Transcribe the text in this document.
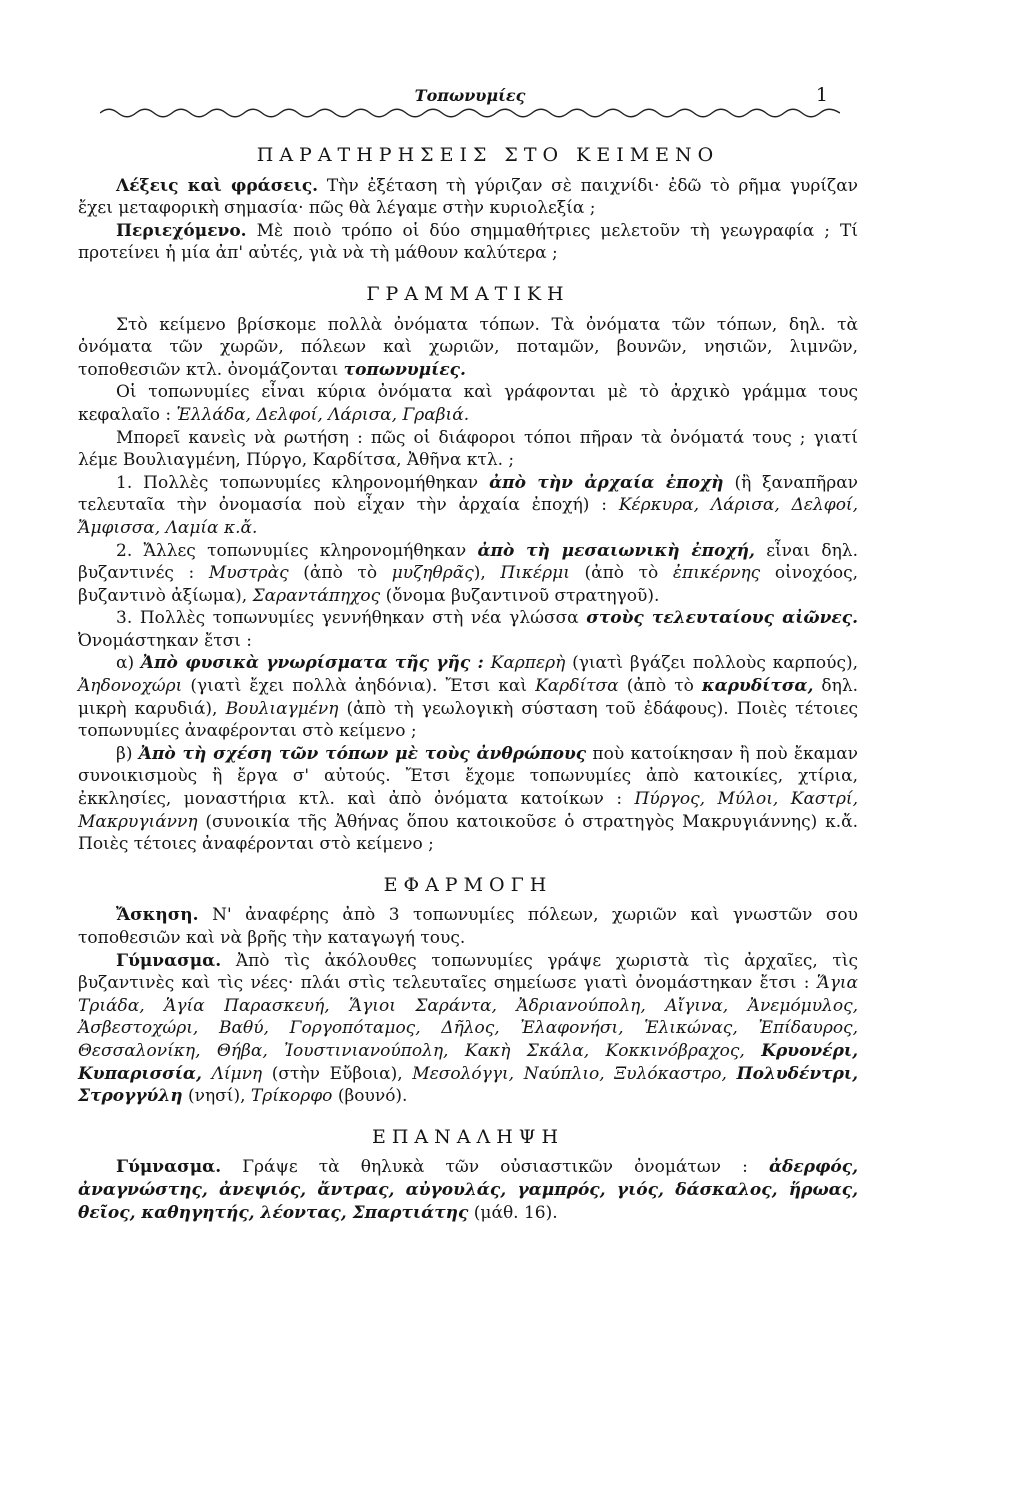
Τοπωνυμίες	1
ΠΑΡΑΤΗΡΗΣΕΙΣ ΣΤΟ ΚΕΙΜΕΝΟ

Λέξεις καὶ φράσεις. Τὴν ἐξέταση τὴ γύριζαν σὲ παιχνίδι· ἐδῶ τὸ ρῆμα γυρίζαν ἔχει μεταφορικὴ σημασία· πῶς θὰ λέγαμε στὴν κυριολεξία ;

Περιεχόμενο. Μὲ ποιὸ τρόπο οἱ δύο σημμαθήτριες μελετοῦν τὴ γεωγραφία ; Τί προτείνει ἡ μία ἀπ' αὐτές, γιὰ νὰ τὴ μάθουν καλύτερα ;

ΓΡΑΜΜΑΤΙΚΗ

Στὸ κείμενο βρίσκομε πολλὰ ὀνόματα τόπων. Τὰ ὀνόματα τῶν τόπων, δηλ. τὰ ὀνόματα τῶν χωρῶν, πόλεων καὶ χωριῶν, ποταμῶν, βουνῶν, νησιῶν, λιμνῶν, τοποθεσιῶν κτλ. ὀνομάζονται τοπωνυμίες.

Οἱ τοπωνυμίες εἶναι κύρια ὀνόματα καὶ γράφονται μὲ τὸ ἀρχικὸ γράμμα τους κεφαλαῖο : Ἑλλάδα, Δελφοί, Λάρισα, Γραβιά.

Μπορεῖ κανεὶς νὰ ρωτήση : πῶς οἱ διάφοροι τόποι πῆραν τὰ ὀνόματά τους ; γιατί λέμε Βουλιαγμένη, Πύργο, Καρδίτσα, Ἀθῆνα κτλ. ;

1. Πολλὲς τοπωνυμίες κληρονομήθηκαν ἀπὸ τὴν ἀρχαία ἐποχὴ (ἢ ξαναπῆραν τελευταῖα τὴν ὀνομασία ποὺ εἶχαν τὴν ἀρχαία ἐποχή) : Κέρκυρα, Λάρισα, Δελφοί, Ἄμφισσα, Λαμία κ.ἄ.

2. Ἄλλες τοπωνυμίες κληρονομήθηκαν ἀπὸ τὴ μεσαιωνικὴ ἐποχή, εἶναι δηλ. βυζαντινές : Μυστρὰς (ἀπὸ τὸ μυζηθρᾶς), Πικέρμι (ἀπὸ τὸ ἐπικέρνης οἰνοχόος, βυζαντινὸ ἀξίωμα), Σαραντάπηχος (ὄνομα βυζαντινοῦ στρατηγοῦ).

3. Πολλὲς τοπωνυμίες γεννήθηκαν στὴ νέα γλώσσα στοὺς τελευταίους αἰῶνες. Ὀνομάστηκαν ἔτσι :

α) Ἀπὸ φυσικὰ γνωρίσματα τῆς γῆς : Καρπερὴ (γιατὶ βγάζει πολλοὺς καρπούς), Ἀηδονοχώρι (γιατὶ ἔχει πολλὰ ἀηδόνια). Ἔτσι καὶ Καρδίτσα (ἀπὸ τὸ καρυδίτσα, δηλ. μικρὴ καρυδιά), Βουλιαγμένη (ἀπὸ τὴ γεωλογικὴ σύσταση τοῦ ἐδάφους). Ποιὲς τέτοιες τοπωνυμίες ἀναφέρονται στὸ κείμενο ;

β) Ἀπὸ τὴ σχέση τῶν τόπων μὲ τοὺς ἀνθρώπους ποὺ κατοίκησαν ἢ ποὺ ἔκαμαν συνοικισμοὺς ἢ ἔργα σ' αὐτούς. Ἔτσι ἔχομε τοπωνυμίες ἀπὸ κατοικίες, χτίρια, ἐκκλησίες, μοναστήρια κτλ. καὶ ἀπὸ ὀνόματα κατοίκων : Πύργος, Μύλοι, Καστρί, Μακρυγιάννη (συνοικία τῆς Ἀθήνας ὅπου κατοικοῦσε ὁ στρατηγὸς Μακρυγιάννης) κ.ἄ. Ποιὲς τέτοιες ἀναφέρονται στὸ κείμενο ;

ΕΦΑΡΜΟΓΗ

Ἄσκηση. Ν' ἀναφέρης ἀπὸ 3 τοπωνυμίες πόλεων, χωριῶν καὶ γνωστῶν σου τοποθεσιῶν καὶ νὰ βρῆς τὴν καταγωγή τους.

Γύμνασμα. Ἀπὸ τὶς ἀκόλουθες τοπωνυμίες γράψε χωριστὰ τὶς ἀρχαῖες, τὶς βυζαντινὲς καὶ τὶς νέες· πλάι στὶς τελευταῖες σημείωσε γιατὶ ὀνομάστηκαν ἔτσι : Ἅγια Τριάδα, Ἁγία Παρασκευή, Ἅγιοι Σαράντα, Ἀδριανούπολη, Αἴγινα, Ἀνεμόμυλος, Ἀσβεστοχώρι, Βαθύ, Γοργοπόταμος, Δῆλος, Ἐλαφονήσι, Ἑλικώνας, Ἐπίδαυρος, Θεσσαλονίκη, Θήβα, Ἰουστινιανούπολη, Κακὴ Σκάλα, Κοκκινόβραχος, Κρυονέρι, Κυπαρισσία, Λίμνη (στὴν Εὔβοια), Μεσολόγγι, Ναύπλιο, Ξυλόκαστρο, Πολυδέντρι, Στρογγύλη (νησί), Τρίκορφο (βουνό).

ΕΠΑΝΑΛΗΨΗ

Γύμνασμα. Γράψε τὰ θηλυκὰ τῶν οὐσιαστικῶν ὀνομάτων : ἀδερφός, ἀναγνώστης, ἀνεψιός, ἄντρας, αὐγουλάς, γαμπρός, γιός, δάσκαλος, ἥρωας, θεῖος, καθηγητής, λέοντας, Σπαρτιάτης (μάθ. 16).
